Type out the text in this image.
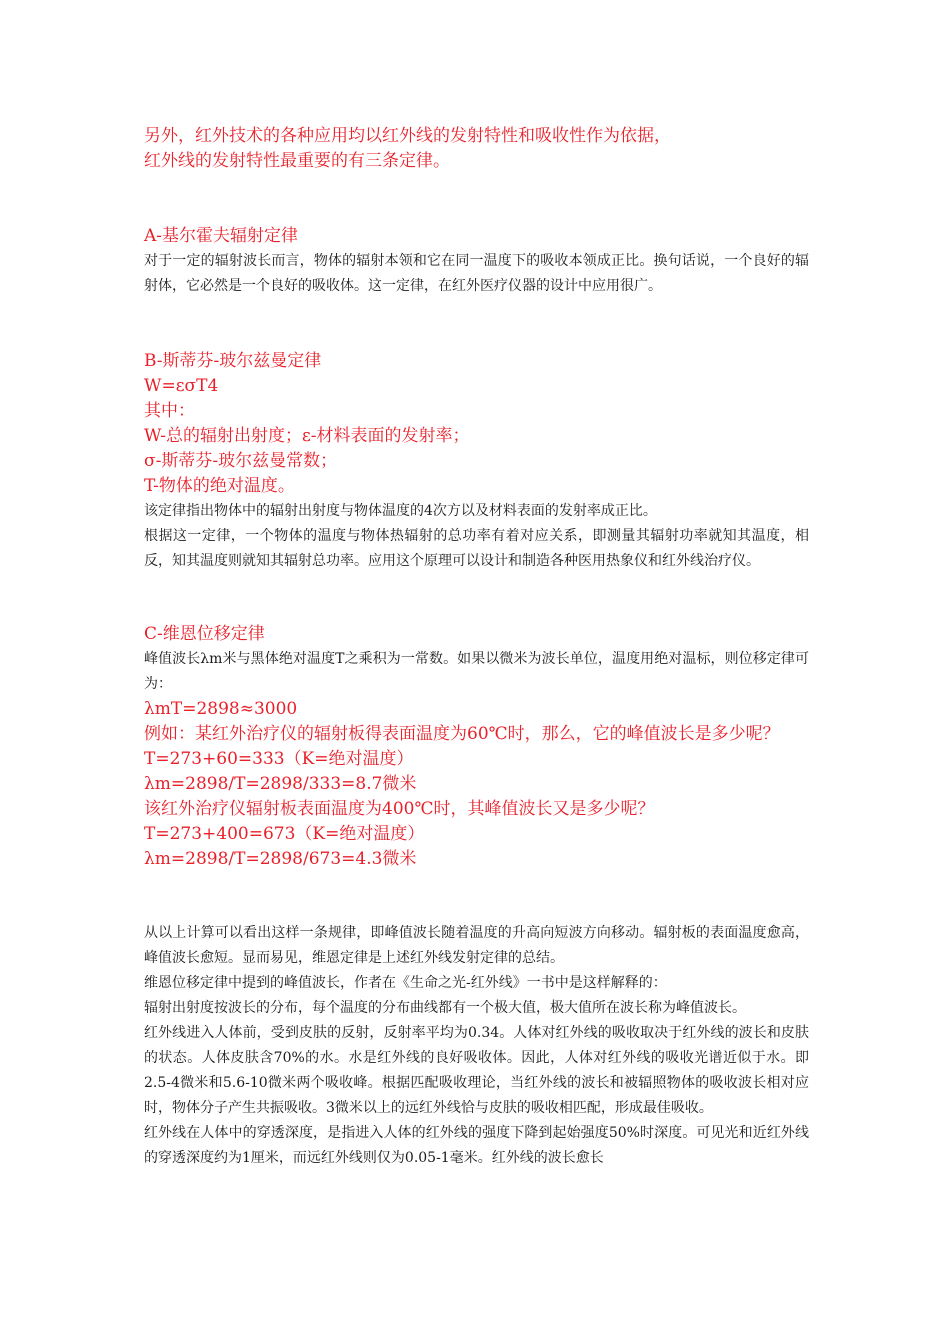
另外，红外技术的各种应用均以红外线的发射特性和吸收性作为依据，
红外线的发射特性最重要的有三条定律。
A-基尔霍夫辐射定律
对于一定的辐射波长而言，物体的辐射本领和它在同一温度下的吸收本领成正比。换句话说，一个良好的辐射体，它必然是一个良好的吸收体。这一定律，在红外医疗仪器的设计中应用很广。
B-斯蒂芬-玻尔兹曼定律
W=εσT4
其中：
W-总的辐射出射度；ε-材料表面的发射率；
σ-斯蒂芬-玻尔兹曼常数；
T-物体的绝对温度。
该定律指出物体中的辐射出射度与物体温度的4次方以及材料表面的发射率成正比。
根据这一定律，一个物体的温度与物体热辐射的总功率有着对应关系，即测量其辐射功率就知其温度，相反，知其温度则就知其辐射总功率。应用这个原理可以设计和制造各种医用热象仪和红外线治疗仪。
C-维恩位移定律
峰值波长λm米与黑体绝对温度T之乘积为一常数。如果以微米为波长单位，温度用绝对温标，则位移定律可为：
λmT=2898≈3000
例如：某红外治疗仪的辐射板得表面温度为60℃时，那么，它的峰值波长是多少呢？
T=273+60=333（K=绝对温度）
λm=2898/T=2898/333=8.7微米
该红外治疗仪辐射板表面温度为400℃时，其峰值波长又是多少呢？
T=273+400=673（K=绝对温度）
λm=2898/T=2898/673=4.3微米
从以上计算可以看出这样一条规律，即峰值波长随着温度的升高向短波方向移动。辐射板的表面温度愈高，峰值波长愈短。显而易见，维恩定律是上述红外线发射定律的总结。
维恩位移定律中提到的峰值波长，作者在《生命之光-红外线》一书中是这样解释的：
辐射出射度按波长的分布，每个温度的分布曲线都有一个极大值，极大值所在波长称为峰值波长。
红外线进入人体前，受到皮肤的反射，反射率平均为0.34。人体对红外线的吸收取决于红外线的波长和皮肤的状态。人体皮肤含70%的水。水是红外线的良好吸收体。因此，人体对红外线的吸收光谱近似于水。即2.5-4微米和5.6-10微米两个吸收峰。根据匹配吸收理论，当红外线的波长和被辐照物体的吸收波长相对应时，物体分子产生共振吸收。3微米以上的远红外线恰与皮肤的吸收相匹配，形成最佳吸收。
红外线在人体中的穿透深度，是指进入人体的红外线的强度下降到起始强度50%时深度。可见光和近红外线的穿透深度约为1厘米，而远红外线则仅为0.05-1毫米。红外线的波长愈长
